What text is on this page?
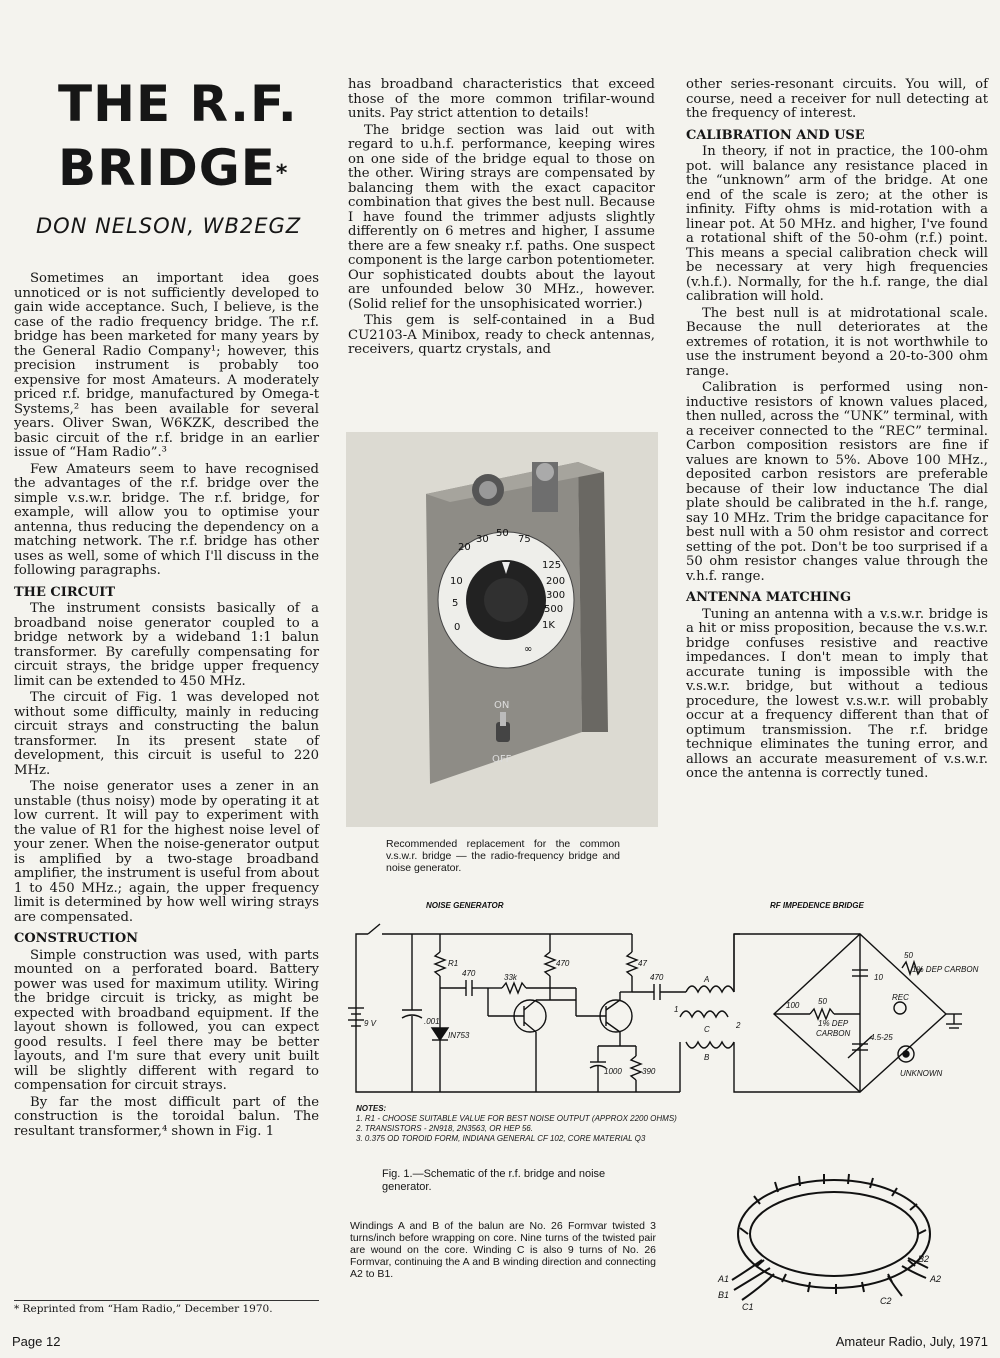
THE R.F.
BRIDGE*
DON NELSON, WB2EGZ

Sometimes an important idea goes unnoticed or is not sufficiently developed to gain wide acceptance. Such, I believe, is the case of the radio frequency bridge. The r.f. bridge has been marketed for many years by the General Radio Company¹; however, this precision instrument is probably too expensive for most Amateurs. A moderately priced r.f. bridge, manufactured by Omega-t Systems,² has been available for several years. Oliver Swan, W6KZK, described the basic circuit of the r.f. bridge in an earlier issue of “Ham Radio”.³

Few Amateurs seem to have recognised the advantages of the r.f. bridge over the simple v.s.w.r. bridge. The r.f. bridge, for example, will allow you to optimise your antenna, thus reducing the dependency on a matching network. The r.f. bridge has other uses as well, some of which I'll discuss in the following paragraphs.

THE CIRCUIT

The instrument consists basically of a broadband noise generator coupled to a bridge network by a wideband 1:1 balun transformer. By carefully compensating for circuit strays, the bridge upper frequency limit can be extended to 450 MHz.

The circuit of Fig. 1 was developed not without some difficulty, mainly in reducing circuit strays and constructing the balun transformer. In its present state of development, this circuit is useful to 220 MHz.

The noise generator uses a zener in an unstable (thus noisy) mode by operating it at low current. It will pay to experiment with the value of R1 for the highest noise level of your zener. When the noise-generator output is amplified by a two-stage broadband amplifier, the instrument is useful from about 1 to 450 MHz.; again, the upper frequency limit is determined by how well wiring strays are compensated.

CONSTRUCTION

Simple construction was used, with parts mounted on a perforated board. Battery power was used for maximum utility. Wiring the bridge circuit is tricky, as might be expected with broadband equipment. If the layout shown is followed, you can expect good results. I feel there may be better layouts, and I'm sure that every unit built will be slightly different with regard to compensation for circuit strays.

By far the most difficult part of the construction is the toroidal balun. The resultant transformer,⁴ shown in Fig. 1

* Reprinted from “Ham Radio,” December 1970.

has broadband characteristics that exceed those of the more common trifilar-wound units. Pay strict attention to details!

The bridge section was laid out with regard to u.h.f. performance, keeping wires on one side of the bridge equal to those on the other. Wiring strays are compensated by balancing them with the exact capacitor combination that gives the best null. Because I have found the trimmer adjusts slightly differently on 6 metres and higher, I assume there are a few sneaky r.f. paths. One suspect component is the large carbon potentiometer. Our sophisticated doubts about the layout are unfounded below 30 MHz., however. (Solid relief for the unsophisicated worrier.)

This gem is self-contained in a Bud CU2103-A Minibox, ready to check antennas, receivers, quartz crystals, and

20
30
50
75
125
200
300
500
1K
10
5
0
∞
ON
OFF
Recommended replacement for the common v.s.w.r. bridge — the radio-frequency bridge and noise generator.

other series-resonant circuits. You will, of course, need a receiver for null detecting at the frequency of interest.

CALIBRATION AND USE

In theory, if not in practice, the 100-ohm pot. will balance any resistance placed in the “unknown” arm of the bridge. At one end of the scale is zero; at the other is infinity. Fifty ohms is mid-rotation with a linear pot. At 50 MHz. and higher, I've found a rotational shift of the 50-ohm (r.f.) point. This means a special calibration check will be necessary at very high frequencies (v.h.f.). Normally, for the h.f. range, the dial calibration will hold.

The best null is at midrotational scale. Because the null deteriorates at the extremes of rotation, it is not worthwhile to use the instrument beyond a 20-to-300 ohm range.

Calibration is performed using non-inductive resistors of known values placed, then nulled, across the “UNK” terminal, with a receiver connected to the “REC” terminal. Carbon composition resistors are fine if values are known to 5%. Above 100 MHz., deposited carbon resistors are preferable because of their low inductance The dial plate should be calibrated in the h.f. range, say 10 MHz. Trim the bridge capacitance for best null with a 50 ohm resistor and correct setting of the pot. Don't be too surprised if a 50 ohm resistor changes value through the v.h.f. range.

ANTENNA MATCHING

Tuning an antenna with a v.s.w.r. bridge is a hit or miss proposition, because the v.s.w.r. bridge confuses resistive and reactive impedances. I don't mean to imply that accurate tuning is impossible with the v.s.w.r. bridge, but without a tedious procedure, the lowest v.s.w.r. will probably occur at a frequency different than that of optimum transmission. The r.f. bridge technique eliminates the tuning error, and allows an accurate measurement of v.s.w.r. once the antenna is correctly tuned.

NOISE GENERATOR	RF IMPEDENCE BRIDGE
9 V	.001
R1
470	33k
470	47
470
IN753
1000	390
A
C
B
1
2
100 50
50
1% DEP CARBON
1% DEP
CARBON
10
4.5-25
REC
UNKNOWN
NOTES:
1. R1 - CHOOSE SUITABLE VALUE FOR BEST NOISE OUTPUT (APPROX 2200 OHMS)
2. TRANSISTORS - 2N918, 2N3563, OR HEP 56.
3. 0.375 OD TOROID FORM, INDIANA GENERAL CF 102, CORE MATERIAL Q3
Fig. 1.—Schematic of the r.f. bridge and noise generator.
Windings A and B of the balun are No. 26 Formvar twisted 3 turns/inch before wrapping on core. Nine turns of the twisted pair are wound on the core. Winding C is also 9 turns of No. 26 Formvar, continuing the A and B winding direction and connecting A2 to B1.	A1
B1
C1
B2
A2
C2
Page 12	Amateur Radio, July, 1971
